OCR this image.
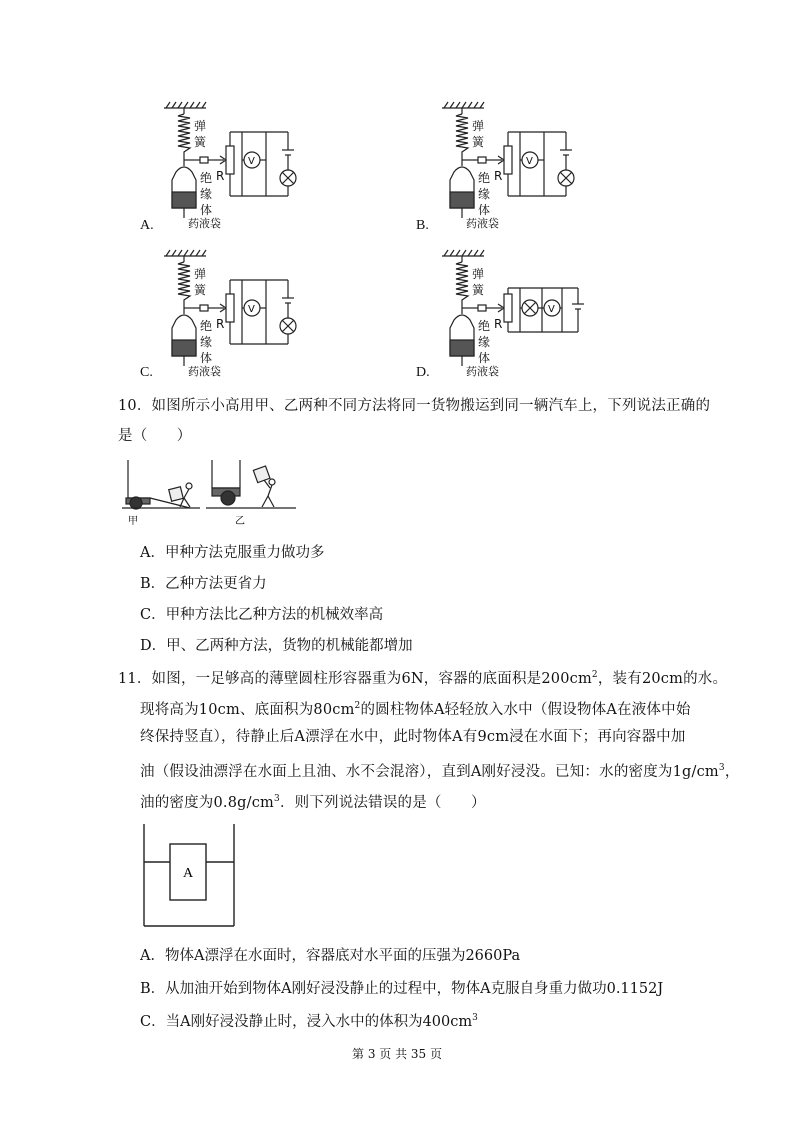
V
R
弹
簧
绝
缘
体
药液袋
V
R
弹
簧
绝
缘
体
药液袋
V
R
弹
簧
绝
缘
体
药液袋
V
R
弹
簧
绝
缘
体
药液袋
A.	B.
C.	D.
10．如图所示小高用甲、乙两种不同方法将同一货物搬运到同一辆汽车上，下列说法正确的
是（　　）
甲	乙
A．甲种方法克服重力做功多
B．乙种方法更省力
C．甲种方法比乙种方法的机械效率高
D．甲、乙两种方法，货物的机械能都增加
11．如图，一足够高的薄壁圆柱形容器重为6N，容器的底面积是$200cm^2$，装有20cm的水。
现将高为10cm、底面积为$80cm^2$的圆柱物体A轻轻放入水中（假设物体A在液体中始
终保持竖直），待静止后A漂浮在水中，此时物体A有9cm浸在水面下；再向容器中加
油（假设油漂浮在水面上且油、水不会混溶），直到A刚好浸没。已知：水的密度为$1g/cm^3$，
油的密度为$0.8g/cm^3$．则下列说法错误的是（　　）
A
A．物体A漂浮在水面时，容器底对水平面的压强为2660Pa
B．从加油开始到物体A刚好浸没静止的过程中，物体A克服自身重力做功0.1152J
C．当A刚好浸没静止时，浸入水中的体积为$400cm^3$
第 3 页 共 35 页
